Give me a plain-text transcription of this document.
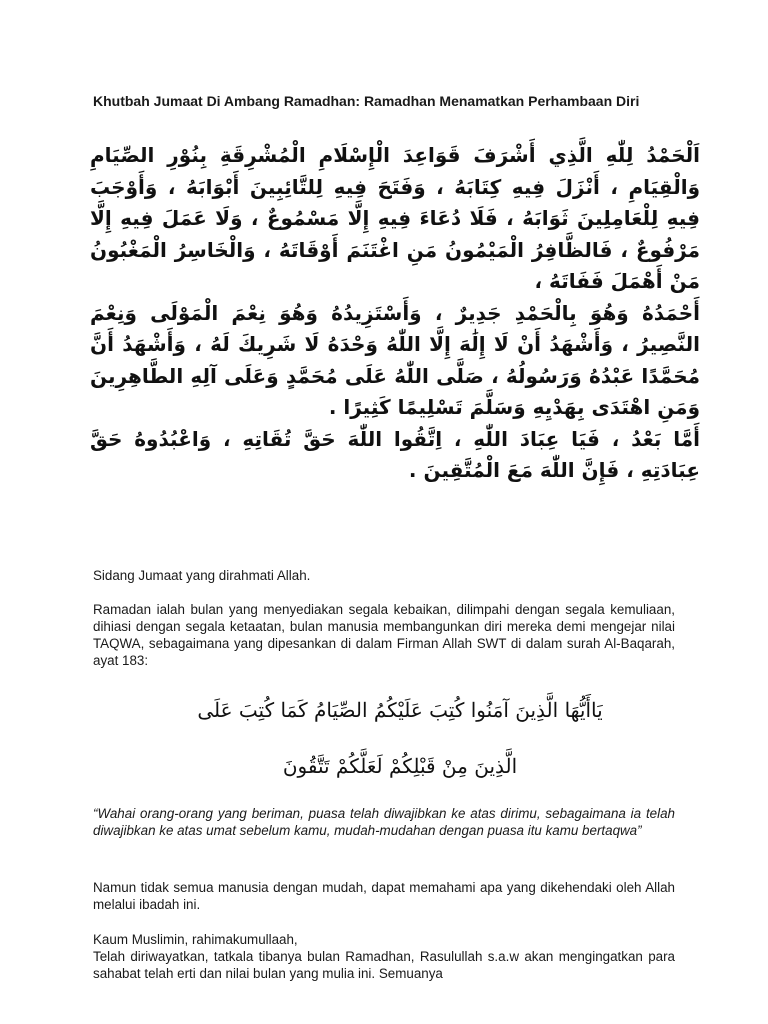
Khutbah Jumaat Di Ambang Ramadhan: Ramadhan Menamatkan Perhambaan Diri

اَلْحَمْدُ لِلّٰهِ الَّذِي أَشْرَفَ قَوَاعِدَ الْإِسْلَامِ الْمُشْرِقَةِ بِنُوْرِ الصِّيَامِ وَالْقِيَامِ ، أَنْزَلَ فِيهِ كِتَابَهُ ، وَفَتَحَ فِيهِ لِلتَّائِبِينَ أَبْوَابَهُ ، وَأَوْجَبَ فِيهِ لِلْعَامِلِينَ ثَوَابَهُ ، فَلَا دُعَاءَ فِيهِ إِلَّا مَسْمُوعٌ ، وَلَا عَمَلَ فِيهِ إِلَّا مَرْفُوعٌ ، فَالظَّافِرُ الْمَيْمُونُ مَنِ اغْتَنَمَ أَوْقَاتَهُ ، وَالْخَاسِرُ الْمَغْبُونُ مَنْ أَهْمَلَ فَفَاتَهُ ،

أَحْمَدُهُ وَهُوَ بِالْحَمْدِ جَدِيرٌ ، وَأَسْتَزِيدُهُ وَهُوَ نِعْمَ الْمَوْلَى وَنِعْمَ النَّصِيرُ ، وَأَشْهَدُ أَنْ لَا إِلَٰهَ إِلَّا اللّٰهُ وَحْدَهُ لَا شَرِيكَ لَهُ ، وَأَشْهَدُ أَنَّ مُحَمَّدًا عَبْدُهُ وَرَسُولُهُ ، صَلَّى اللّٰهُ عَلَى مُحَمَّدٍ وَعَلَى آلِهِ الطَّاهِرِينَ وَمَنِ اهْتَدَى بِهَدْيِهِ وَسَلَّمَ تَسْلِيمًا كَثِيرًا .

أَمَّا بَعْدُ ، فَيَا عِبَادَ اللّٰهِ ، اِتَّقُوا اللّٰهَ حَقَّ تُقَاتِهِ ، وَاعْبُدُوهُ حَقَّ عِبَادَتِهِ ، فَإِنَّ اللّٰهَ مَعَ الْمُتَّقِينَ .

Sidang Jumaat yang dirahmati Allah.
Ramadan ialah bulan yang menyediakan segala kebaikan, dilimpahi dengan segala kemuliaan, dihiasi dengan segala ketaatan, bulan manusia membangunkan diri mereka demi mengejar nilai TAQWA, sebagaimana yang dipesankan di dalam Firman Allah SWT di dalam surah Al-Baqarah, ayat 183:
يَاأَيُّهَا الَّذِينَ آمَنُوا كُتِبَ عَلَيْكُمُ الصِّيَامُ كَمَا كُتِبَ عَلَى
الَّذِينَ مِنْ قَبْلِكُمْ لَعَلَّكُمْ تَتَّقُونَ
“Wahai orang-orang yang beriman, puasa telah diwajibkan ke atas dirimu, sebagaimana ia telah diwajibkan ke atas umat sebelum kamu, mudah-mudahan dengan puasa itu kamu bertaqwa”
Namun tidak semua manusia dengan mudah, dapat memahami apa yang dikehendaki oleh Allah melalui ibadah ini.
Kaum Muslimin, rahimakumullaah,
Telah diriwayatkan, tatkala tibanya bulan Ramadhan, Rasulullah s.a.w akan mengingatkan para sahabat telah erti dan nilai bulan yang mulia ini. Semuanya
